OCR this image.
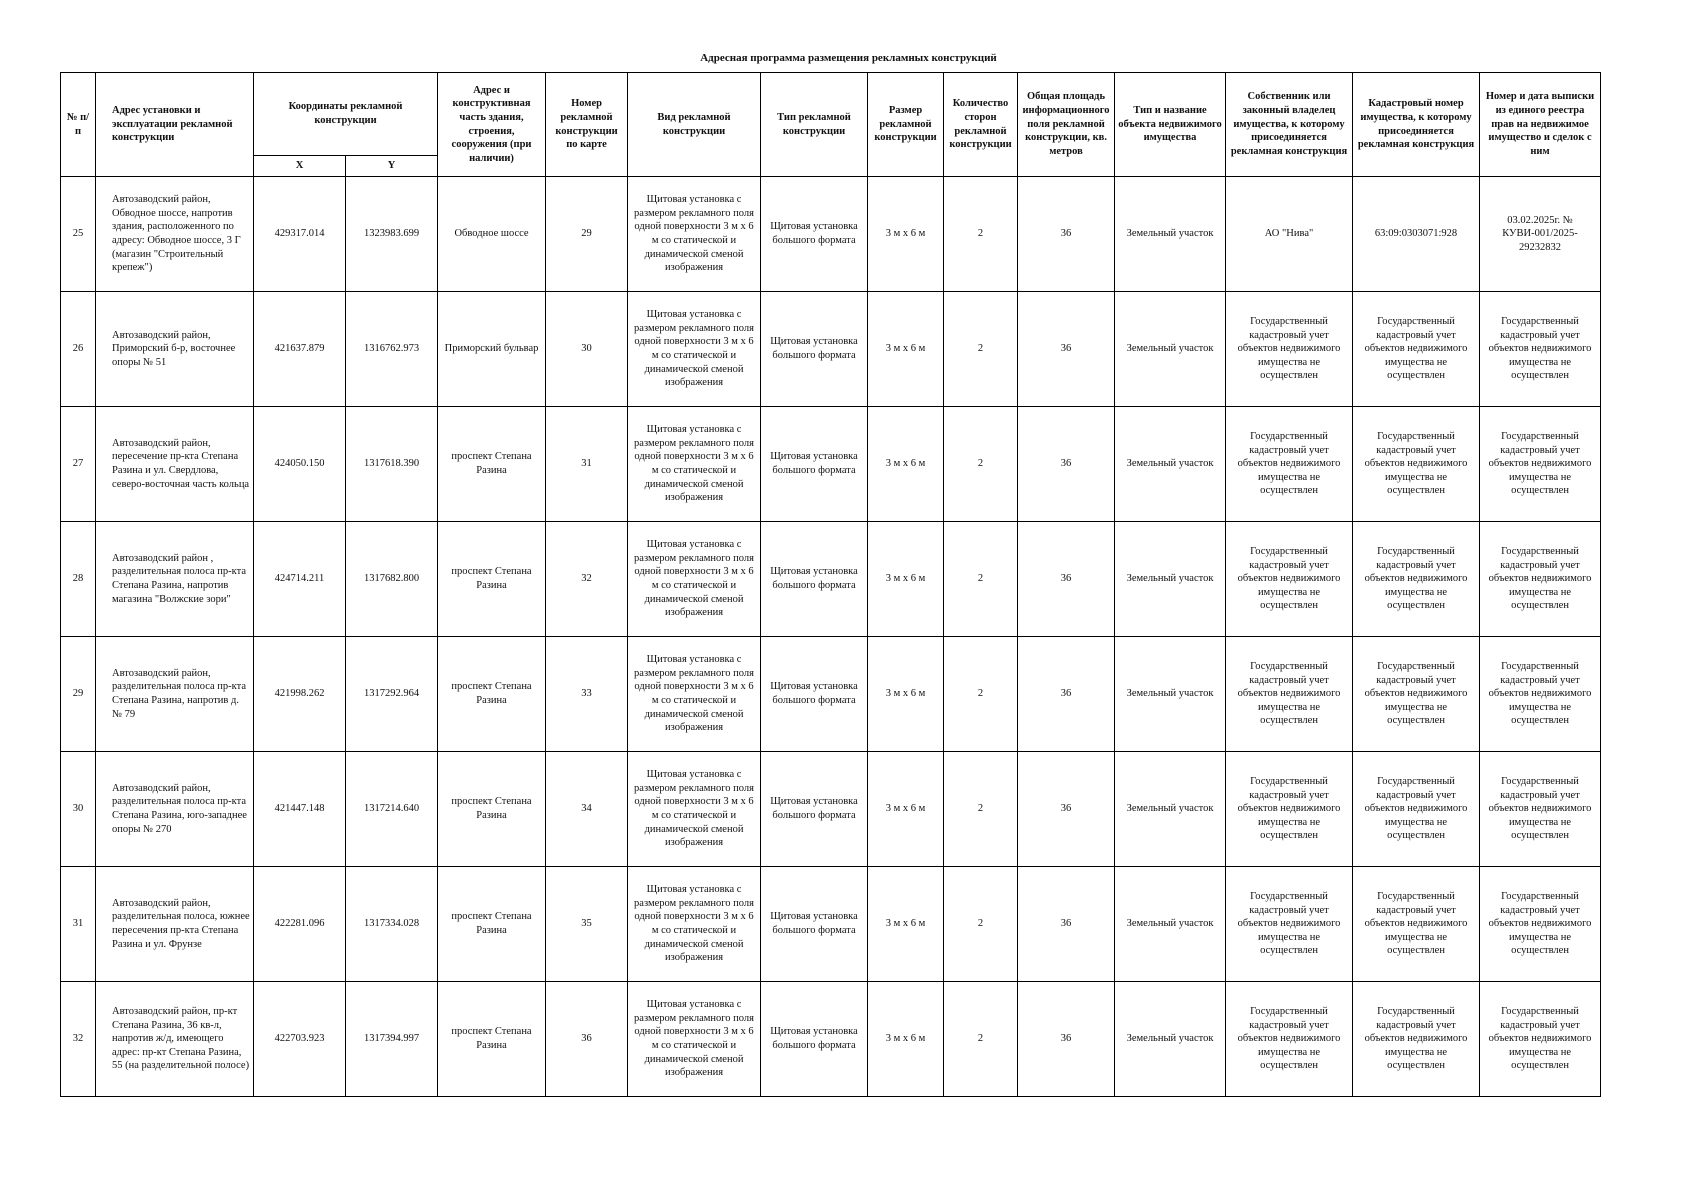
Адресная программа размещения рекламных конструкций
№ п/п	Адрес установки и эксплуатации рекламной конструкции	Координаты рекламной конструкции		Адрес и конструктивная часть здания, строения, сооружения (при наличии)	Номер рекламной конструкции по карте	Вид рекламной конструкции	Тип рекламной конструкции	Размер рекламной конструкции	Количество сторон рекламной конструкции	Общая площадь информационного поля рекламной конструкции, кв. метров	Тип и название объекта недвижимого имущества	Собственник или законный владелец имущества, к которому присоединяется рекламная конструкция	Кадастровый номер имущества, к которому присоединяется рекламная конструкция	Номер и дата выписки из единого реестра прав на недвижимое имущество и сделок с ним
		X	Y											
25	Автозаводский район, Обводное шоссе, напротив здания, расположенного по адресу: Обводное шоссе, 3 Г (магазин "Строительный крепеж")	429317.014	1323983.699	Обводное шоссе	29	Щитовая установка с размером рекламного поля одной поверхности 3 м х 6 м со статической и динамической сменой изображения	Щитовая установка большого формата	3 м х 6 м	2	36	Земельный участок	АО "Нива"	63:09:0303071:928	03.02.2025г. № КУВИ-001/2025-29232832
26	Автозаводский район, Приморский б-р, восточнее опоры № 51	421637.879	1316762.973	Приморский бульвар	30	Щитовая установка с размером рекламного поля одной поверхности 3 м х 6 м со статической и динамической сменой изображения	Щитовая установка большого формата	3 м х 6 м	2	36	Земельный участок	Государственный кадастровый учет объектов недвижимого имущества не осуществлен	Государственный кадастровый учет объектов недвижимого имущества не осуществлен	Государственный кадастровый учет объектов недвижимого имущества не осуществлен
27	Автозаводский район, пересечение пр-кта Степана Разина и ул. Свердлова, северо-восточная часть кольца	424050.150	1317618.390	проспект Степана Разина	31	Щитовая установка с размером рекламного поля одной поверхности 3 м х 6 м со статической и динамической сменой изображения	Щитовая установка большого формата	3 м х 6 м	2	36	Земельный участок	Государственный кадастровый учет объектов недвижимого имущества не осуществлен	Государственный кадастровый учет объектов недвижимого имущества не осуществлен	Государственный кадастровый учет объектов недвижимого имущества не осуществлен
28	Автозаводский район , разделительная полоса пр-кта Степана Разина, напротив магазина "Волжские зори"	424714.211	1317682.800	проспект Степана Разина	32	Щитовая установка с размером рекламного поля одной поверхности 3 м х 6 м со статической и динамической сменой изображения	Щитовая установка большого формата	3 м х 6 м	2	36	Земельный участок	Государственный кадастровый учет объектов недвижимого имущества не осуществлен	Государственный кадастровый учет объектов недвижимого имущества не осуществлен	Государственный кадастровый учет объектов недвижимого имущества не осуществлен
29	Автозаводский район, разделительная полоса пр-кта Степана Разина, напротив д. № 79	421998.262	1317292.964	проспект Степана Разина	33	Щитовая установка с размером рекламного поля одной поверхности 3 м х 6 м со статической и динамической сменой изображения	Щитовая установка большого формата	3 м х 6 м	2	36	Земельный участок	Государственный кадастровый учет объектов недвижимого имущества не осуществлен	Государственный кадастровый учет объектов недвижимого имущества не осуществлен	Государственный кадастровый учет объектов недвижимого имущества не осуществлен
30	Автозаводский район, разделительная полоса пр-кта Степана Разина, юго-западнее опоры № 270	421447.148	1317214.640	проспект Степана Разина	34	Щитовая установка с размером рекламного поля одной поверхности 3 м х 6 м со статической и динамической сменой изображения	Щитовая установка большого формата	3 м х 6 м	2	36	Земельный участок	Государственный кадастровый учет объектов недвижимого имущества не осуществлен	Государственный кадастровый учет объектов недвижимого имущества не осуществлен	Государственный кадастровый учет объектов недвижимого имущества не осуществлен
31	Автозаводский район, разделительная полоса, южнее пересечения пр-кта Степана Разина и ул. Фрунзе	422281.096	1317334.028	проспект Степана Разина	35	Щитовая установка с размером рекламного поля одной поверхности 3 м х 6 м со статической и динамической сменой изображения	Щитовая установка большого формата	3 м х 6 м	2	36	Земельный участок	Государственный кадастровый учет объектов недвижимого имущества не осуществлен	Государственный кадастровый учет объектов недвижимого имущества не осуществлен	Государственный кадастровый учет объектов недвижимого имущества не осуществлен
32	Автозаводский район, пр-кт Степана Разина, 36 кв-л, напротив ж/д, имеющего адрес: пр-кт Степана Разина, 55 (на разделительной полосе)	422703.923	1317394.997	проспект Степана Разина	36	Щитовая установка с размером рекламного поля одной поверхности 3 м х 6 м со статической и динамической сменой изображения	Щитовая установка большого формата	3 м х 6 м	2	36	Земельный участок	Государственный кадастровый учет объектов недвижимого имущества не осуществлен	Государственный кадастровый учет объектов недвижимого имущества не осуществлен	Государственный кадастровый учет объектов недвижимого имущества не осуществлен
